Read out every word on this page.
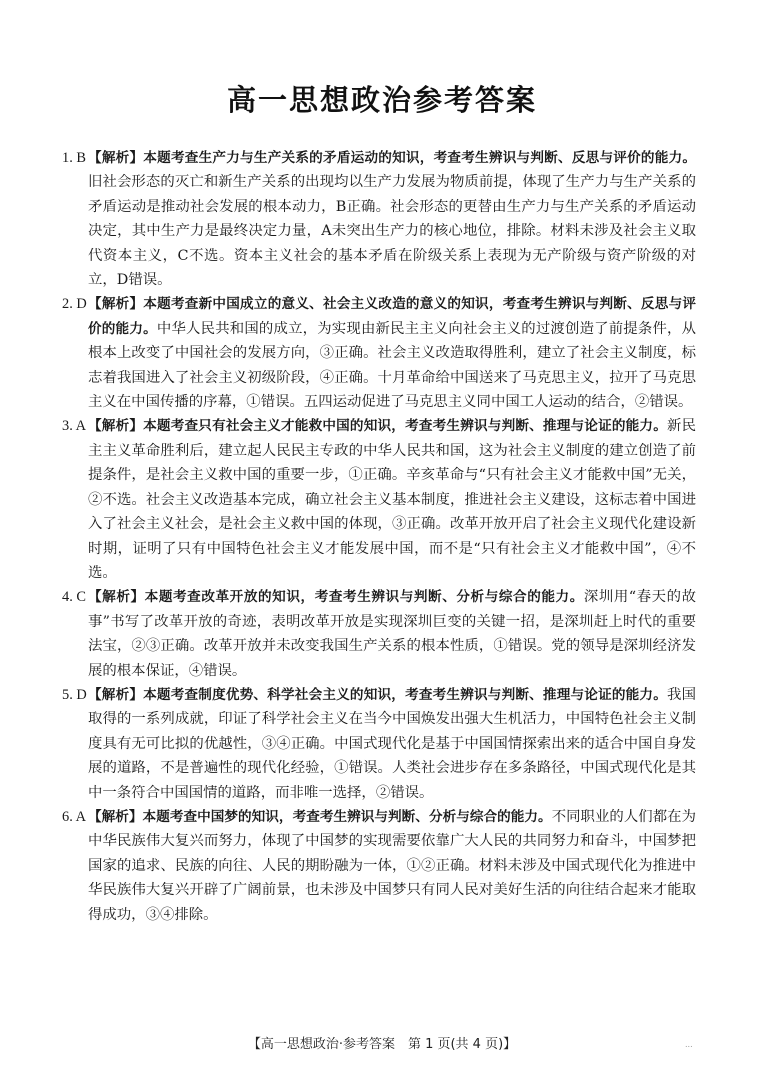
高一思想政治参考答案
1. B 【解析】本题考查生产力与生产关系的矛盾运动的知识，考查考生辨识与判断、反思与评价的能力。旧社会形态的灭亡和新生产关系的出现均以生产力发展为物质前提，体现了生产力与生产关系的矛盾运动是推动社会发展的根本动力，B正确。社会形态的更替由生产力与生产关系的矛盾运动决定，其中生产力是最终决定力量，A未突出生产力的核心地位，排除。材料未涉及社会主义取代资本主义，C不选。资本主义社会的基本矛盾在阶级关系上表现为无产阶级与资产阶级的对立，D错误。
2. D 【解析】本题考查新中国成立的意义、社会主义改造的意义的知识，考查考生辨识与判断、反思与评价的能力。中华人民共和国的成立，为实现由新民主主义向社会主义的过渡创造了前提条件，从根本上改变了中国社会的发展方向，③正确。社会主义改造取得胜利，建立了社会主义制度，标志着我国进入了社会主义初级阶段，④正确。十月革命给中国送来了马克思主义，拉开了马克思主义在中国传播的序幕，①错误。五四运动促进了马克思主义同中国工人运动的结合，②错误。
3. A 【解析】本题考查只有社会主义才能救中国的知识，考查考生辨识与判断、推理与论证的能力。新民主主义革命胜利后，建立起人民民主专政的中华人民共和国，这为社会主义制度的建立创造了前提条件，是社会主义救中国的重要一步，①正确。辛亥革命与“只有社会主义才能救中国”无关，②不选。社会主义改造基本完成，确立社会主义基本制度，推进社会主义建设，这标志着中国进入了社会主义社会，是社会主义救中国的体现，③正确。改革开放开启了社会主义现代化建设新时期，证明了只有中国特色社会主义才能发展中国，而不是“只有社会主义才能救中国”，④不选。
4. C 【解析】本题考查改革开放的知识，考查考生辨识与判断、分析与综合的能力。深圳用“春天的故事”书写了改革开放的奇迹，表明改革开放是实现深圳巨变的关键一招，是深圳赶上时代的重要法宝，②③正确。改革开放并未改变我国生产关系的根本性质，①错误。党的领导是深圳经济发展的根本保证，④错误。
5. D 【解析】本题考查制度优势、科学社会主义的知识，考查考生辨识与判断、推理与论证的能力。我国取得的一系列成就，印证了科学社会主义在当今中国焕发出强大生机活力，中国特色社会主义制度具有无可比拟的优越性，③④正确。中国式现代化是基于中国国情探索出来的适合中国自身发展的道路，不是普遍性的现代化经验，①错误。人类社会进步存在多条路径，中国式现代化是其中一条符合中国国情的道路，而非唯一选择，②错误。
6. A 【解析】本题考查中国梦的知识，考查考生辨识与判断、分析与综合的能力。不同职业的人们都在为中华民族伟大复兴而努力，体现了中国梦的实现需要依靠广大人民的共同努力和奋斗，中国梦把国家的追求、民族的向往、人民的期盼融为一体，①②正确。材料未涉及中国式现代化为推进中华民族伟大复兴开辟了广阔前景，也未涉及中国梦只有同人民对美好生活的向往结合起来才能取得成功，③④排除。
【高一思想政治·参考答案　第 1 页(共 4 页)】	...
